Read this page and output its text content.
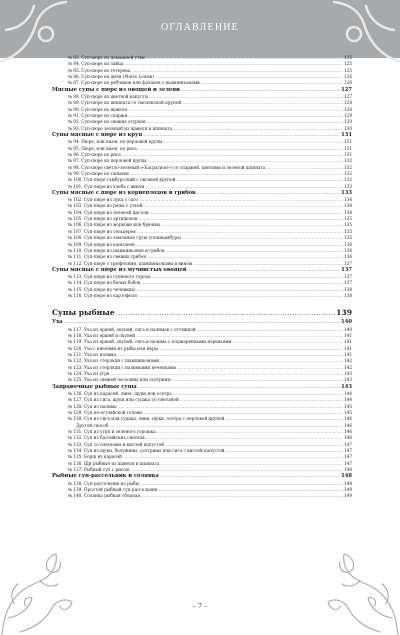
ОГЛАВЛЕНИЕ
№ 83. Суп-пюре из домашней утки .....	125
№ 84. Суп-пюре из зайца .....	125
№ 85. Суп-пюре из тетерева .....	125
№ 86. Суп-пюре из дичи (Marie Louise) .....	126
№ 87. Суп-пюре из рябчиков или фазанов с шампиньонами .....	126
Мясные супы с пюре из овощей и зелени .....	127
№ 88. Суп-пюре из цветной капусты .....	127
№ 89. Суп-пюре из шпината со смоленской крупой .....	128
№ 90. Суп-пюре из щавеля .....	128
№ 91. Суп-пюре из спаржи .....	129
№ 92. Суп-пюре из свежих огурцов .....	129
№ 93. Суп-пюре зеленый из щавеля и шпината .....	130
Супы мясные с пюре из круп .....	131
№ 94. Пюре, или шьен, из перловой крупы .....	131
№ 95. Пюре, или шьен, из риса .....	131
№ 96. Суп-пюре из риса .....	131
№ 97. Суп-пюре из перловой крупы .....	132
№ 98. Суп-пюре светло-зеленый («Багратион») со спаржей, кнелями и зеленой шпината .....	132
№ 99. Суп-пюре из тапиоки .....	132
№ 100. Суп-пюре гамбургский с овсяной крупой .....	132
№ 101. Суп-пюре из хлеба с вином .....	133
Супы мясные с пюре из корнеплодов и грибов .....	133
№ 102. Суп-пюре из лука с саго .....	134
№ 103. Суп-пюре из репы с уткой .....	134
№ 104. Суп-пюре из зеленой фасоли .....	134
№ 105. Суп-пюре из артишоков .....	135
№ 106. Суп-пюре из моркови или брюквы .....	135
№ 107. Суп-пюре из сельдерея .....	135
№ 108. Суп-пюре из земляных груш (топинамбура) .....	135
№ 109. Суп-пюре из каштанов .....	136
№ 110. Суп-пюре из шампиньонов и грибов .....	136
№ 111. Суп-пюре из свежих грибов .....	136
№ 112. Суп-пюре с трюфелями, шампиньонами и вином .....	137
Супы мясные с пюре из мучнистых овощей .....	137
№ 113. Суп-пюре из сушеного гороха .....	137
№ 114. Суп-пюре из белых бобов .....	137
№ 115. Суп-пюре из чечевицы .....	138
№ 116. Суп-пюре из картофеля .....	138
Супы рыбные .....	139
Уха .....	140
№ 117. Уха из ершей, окуней, сига и налимов с оттяжкой .....	140
№ 118. Уха из ершей и окуней .....	141
№ 119. Уха из ершей, окуней, сига и налима с поджаренными кореньями .....	141
№ 120. Уха с кнелями из рыбы или икры .....	141
№ 121. Уха из налима .....	141
№ 122. Уха из стерляди с шампиньонами .....	142
№ 123. Уха из стерляди с налимьими печенками .....	142
№ 124. Уха из угря .....	143
№ 125. Уха из свежей лососины или осетрины .....	143
Заправочные рыбные супы .....	143
№ 126. Суп из карасей, линя, щуки или осетра .....	144
№ 127. Суп из сига, щуки или судака со сметаной .....	144
№ 128. Суп из налима .....	145
№ 129. Суп по-остзейской головы .....	145
№ 130. Суп из сига или судака, линя, щуки, осетра с перловой крупой .....	146
Другой способ .....	146
№ 131. Суп из угря и зеленого горошка .....	146
№ 132. Суп из балтийских снетков .....	146
№ 133. Суп со снетками и кислой капустой .....	147
№ 134. Суп из щуки, белужины, осетрины или сига с кислой капустой .....	147
№ 135. Борщ из карасей .....	147
№ 136. Щи рыбные из щавеля и шпината .....	147
№ 137. Рыбный суп с рисом .....	148
Рыбные суп-рассольник и солянка .....	148
№ 138. Суп-рассольник из рыбы .....	148
№ 139. Простой рыбный суп-рассольник .....	149
№ 140. Солянка рыбная сборная .....	149
– 7 –
